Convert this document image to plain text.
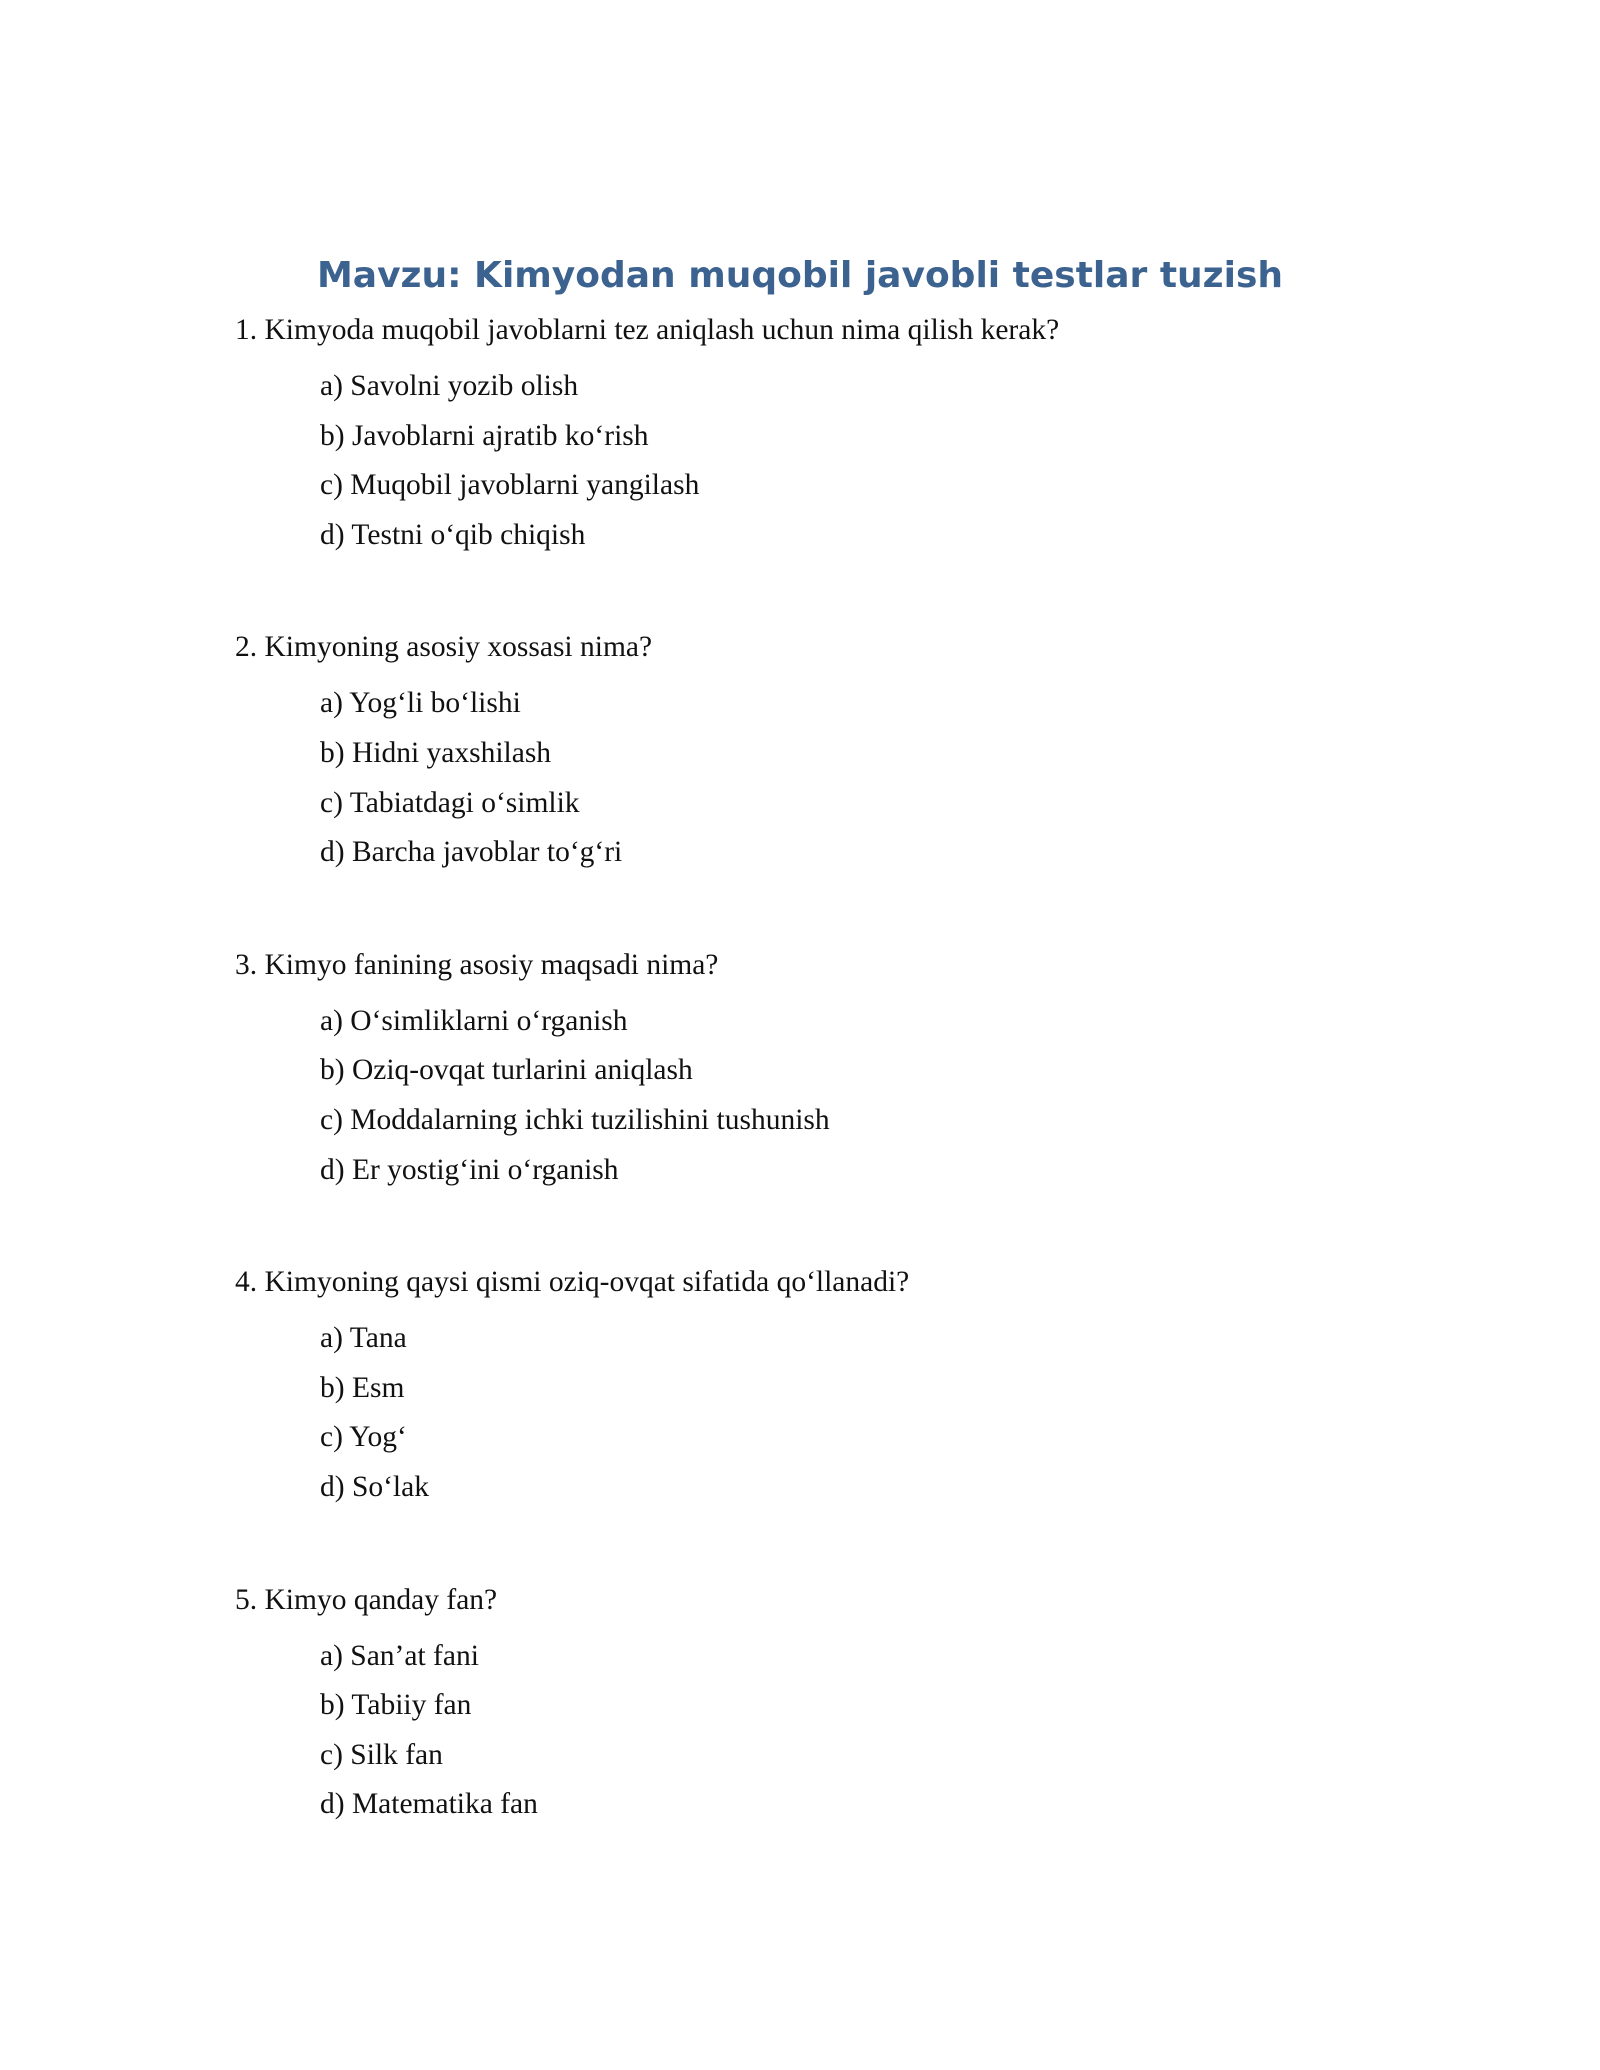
Mavzu: Kimyodan muqobil javobli testlar tuzish
1. Kimyoda muqobil javoblarni tez aniqlash uchun nima qilish kerak?
a) Savolni yozib olish
b) Javoblarni ajratib ko‘rish
c) Muqobil javoblarni yangilash
d) Testni o‘qib chiqish
2. Kimyoning asosiy xossasi nima?
a) Yog‘li bo‘lishi
b) Hidni yaxshilash
c) Tabiatdagi o‘simlik
d) Barcha javoblar to‘g‘ri
3. Kimyo fanining asosiy maqsadi nima?
a) O‘simliklarni o‘rganish
b) Oziq-ovqat turlarini aniqlash
c) Moddalarning ichki tuzilishini tushunish
d) Er yostig‘ini o‘rganish
4. Kimyoning qaysi qismi oziq-ovqat sifatida qo‘llanadi?
a) Tana
b) Esm
c) Yog‘
d) So‘lak
5. Kimyo qanday fan?
a) San’at fani
b) Tabiiy fan
c) Silk fan
d) Matematika fan
